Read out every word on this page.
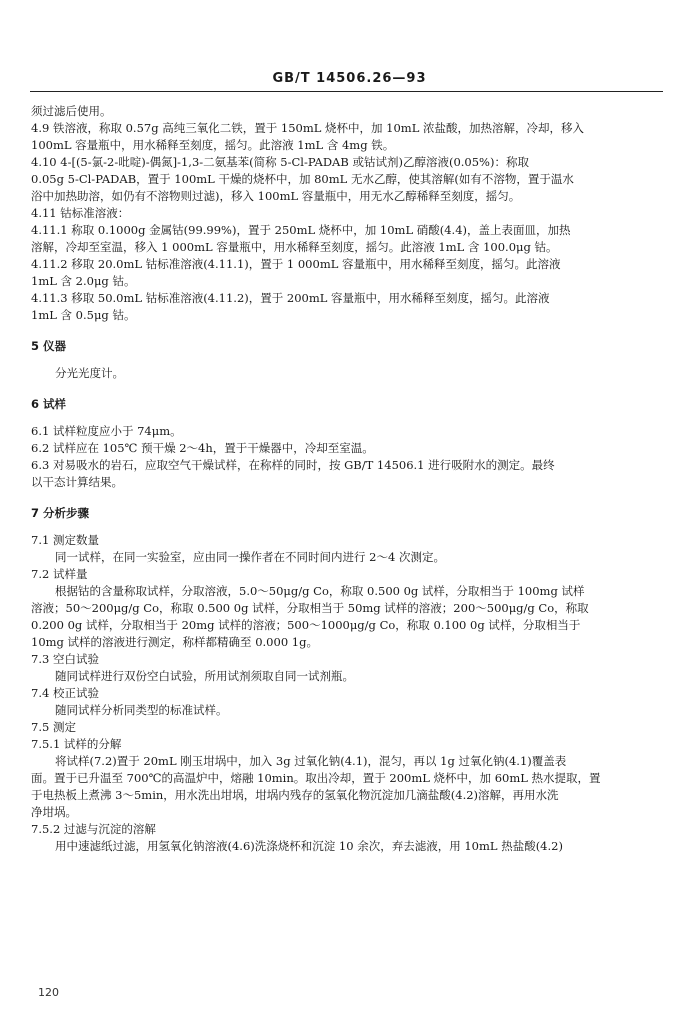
GB/T 14506.26—93

须过滤后使用。

4.9 铁溶液，称取 0.57g 高纯三氧化二铁，置于 150mL 烧杯中，加 10mL 浓盐酸，加热溶解，冷却，移入

100mL 容量瓶中，用水稀释至刻度，摇匀。此溶液 1mL 含 4mg 铁。

4.10 4-[(5-氯-2-吡啶)-偶氮]-1,3-二氨基苯(简称 5-Cl-PADAB 或钴试剂)乙醇溶液(0.05%)：称取

0.05g 5-Cl-PADAB，置于 100mL 干燥的烧杯中，加 80mL 无水乙醇，使其溶解(如有不溶物，置于温水

浴中加热助溶，如仍有不溶物则过滤)，移入 100mL 容量瓶中，用无水乙醇稀释至刻度，摇匀。

4.11 钴标准溶液：

4.11.1 称取 0.1000g 金属钴(99.99%)，置于 250mL 烧杯中，加 10mL 硝酸(4.4)，盖上表面皿，加热

溶解，冷却至室温，移入 1 000mL 容量瓶中，用水稀释至刻度，摇匀。此溶液 1mL 含 100.0μg 钴。

4.11.2 移取 20.0mL 钴标准溶液(4.11.1)，置于 1 000mL 容量瓶中，用水稀释至刻度，摇匀。此溶液

1mL 含 2.0μg 钴。

4.11.3 移取 50.0mL 钴标准溶液(4.11.2)，置于 200mL 容量瓶中，用水稀释至刻度，摇匀。此溶液

1mL 含 0.5μg 钴。

5 仪器

分光光度计。

6 试样

6.1 试样粒度应小于 74μm。

6.2 试样应在 105℃ 预干燥 2～4h，置于干燥器中，冷却至室温。

6.3 对易吸水的岩石，应取空气干燥试样，在称样的同时，按 GB/T 14506.1 进行吸附水的测定。最终

以干态计算结果。

7 分析步骤

7.1 测定数量

同一试样，在同一实验室，应由同一操作者在不同时间内进行 2～4 次测定。

7.2 试样量

根据钴的含量称取试样，分取溶液，5.0～50μg/g Co，称取 0.500 0g 试样，分取相当于 100mg 试样

溶液；50～200μg/g Co，称取 0.500 0g 试样，分取相当于 50mg 试样的溶液；200～500μg/g Co，称取

0.200 0g 试样，分取相当于 20mg 试样的溶液；500～1000μg/g Co，称取 0.100 0g 试样，分取相当于

10mg 试样的溶液进行测定，称样都精确至 0.000 1g。

7.3 空白试验

随同试样进行双份空白试验，所用试剂须取自同一试剂瓶。

7.4 校正试验

随同试样分析同类型的标准试样。

7.5 测定

7.5.1 试样的分解

将试样(7.2)置于 20mL 刚玉坩埚中，加入 3g 过氧化钠(4.1)，混匀，再以 1g 过氧化钠(4.1)覆盖表

面。置于已升温至 700℃的高温炉中，熔融 10min。取出冷却，置于 200mL 烧杯中，加 60mL 热水提取，置

于电热板上煮沸 3～5min，用水洗出坩埚，坩埚内残存的氢氧化物沉淀加几滴盐酸(4.2)溶解，再用水洗

净坩埚。

7.5.2 过滤与沉淀的溶解

用中速滤纸过滤，用氢氧化钠溶液(4.6)洗涤烧杯和沉淀 10 余次，弃去滤液，用 10mL 热盐酸(4.2)

120
